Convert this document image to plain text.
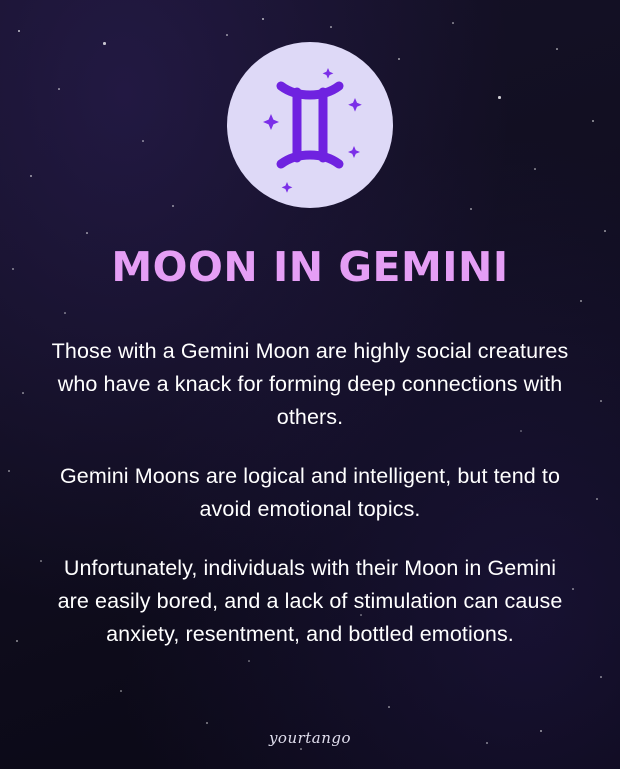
MOON IN GEMINI

Those with a Gemini Moon are highly social creatures who have a knack for forming deep connections with others.

Gemini Moons are logical and intelligent, but tend to avoid emotional topics.

Unfortunately, individuals with their Moon in Gemini are easily bored, and a lack of stimulation can cause anxiety, resentment, and bottled emotions.

yourtango
